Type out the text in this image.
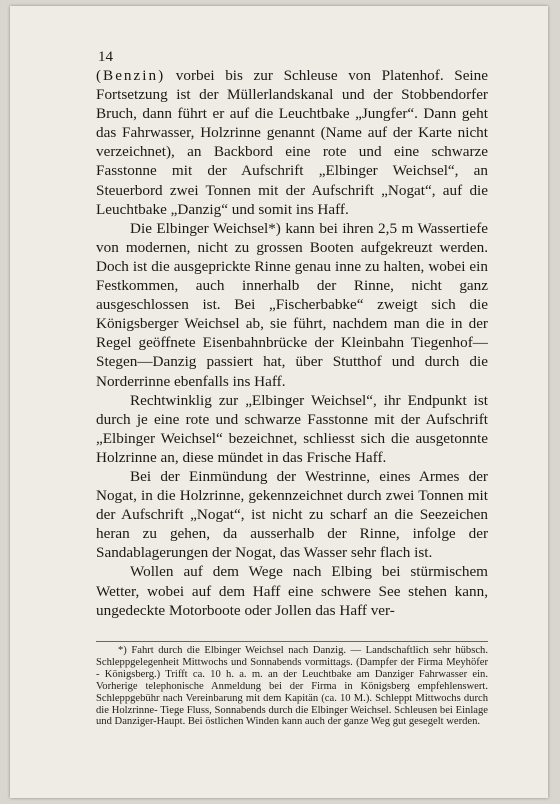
14

(Benzin) vorbei bis zur Schleuse von Platenhof. Seine Fortsetzung ist der Müllerlandskanal und der Stobbendorfer Bruch, dann führt er auf die Leuchtbake „Jungfer“. Dann geht das Fahrwasser, Holzrinne genannt (Name auf der Karte nicht verzeichnet), an Backbord eine rote und eine schwarze Fasstonne mit der Aufschrift „Elbinger Weichsel“, an Steuerbord zwei Tonnen mit der Aufschrift „Nogat“, auf die Leuchtbake „Danzig“ und somit ins Haff.

Die Elbinger Weichsel*) kann bei ihren 2,5 m Wassertiefe von modernen, nicht zu grossen Booten aufgekreuzt werden. Doch ist die ausgeprickte Rinne genau inne zu halten, wobei ein Festkommen, auch innerhalb der Rinne, nicht ganz ausgeschlossen ist. Bei „Fischerbabke“ zweigt sich die Königsberger Weichsel ab, sie führt, nachdem man die in der Regel geöffnete Eisenbahnbrücke der Kleinbahn Tiegenhof—Stegen—Danzig passiert hat, über Stutthof und durch die Norderrinne ebenfalls ins Haff.

Rechtwinklig zur „Elbinger Weichsel“, ihr Endpunkt ist durch je eine rote und schwarze Fasstonne mit der Aufschrift „Elbinger Weichsel“ bezeichnet, schliesst sich die ausgetonnte Holzrinne an, diese mündet in das Frische Haff.

Bei der Einmündung der Westrinne, eines Armes der Nogat, in die Holzrinne, gekennzeichnet durch zwei Tonnen mit der Aufschrift „Nogat“, ist nicht zu scharf an die Seezeichen heran zu gehen, da ausserhalb der Rinne, infolge der Sandablagerungen der Nogat, das Wasser sehr flach ist.

Wollen auf dem Wege nach Elbing bei stürmischem Wetter, wobei auf dem Haff eine schwere See stehen kann, ungedeckte Motorboote oder Jollen das Haff ver-

*) Fahrt durch die Elbinger Weichsel nach Danzig. — Landschaftlich sehr hübsch. Schleppgelegenheit Mittwochs und Sonnabends vormittags. (Dampfer der Firma Meyhöfer - Königsberg.) Trifft ca. 10 h. a. m. an der Leuchtbake am Danziger Fahrwasser ein. Vorherige telephonische Anmeldung bei der Firma in Königsberg empfehlenswert. Schleppgebühr nach Vereinbarung mit dem Kapitän (ca. 10 M.). Schleppt Mittwochs durch die Holzrinne- Tiege Fluss, Sonnabends durch die Elbinger Weichsel. Schleusen bei Einlage und Danziger-Haupt. Bei östlichen Winden kann auch der ganze Weg gut gesegelt werden.
